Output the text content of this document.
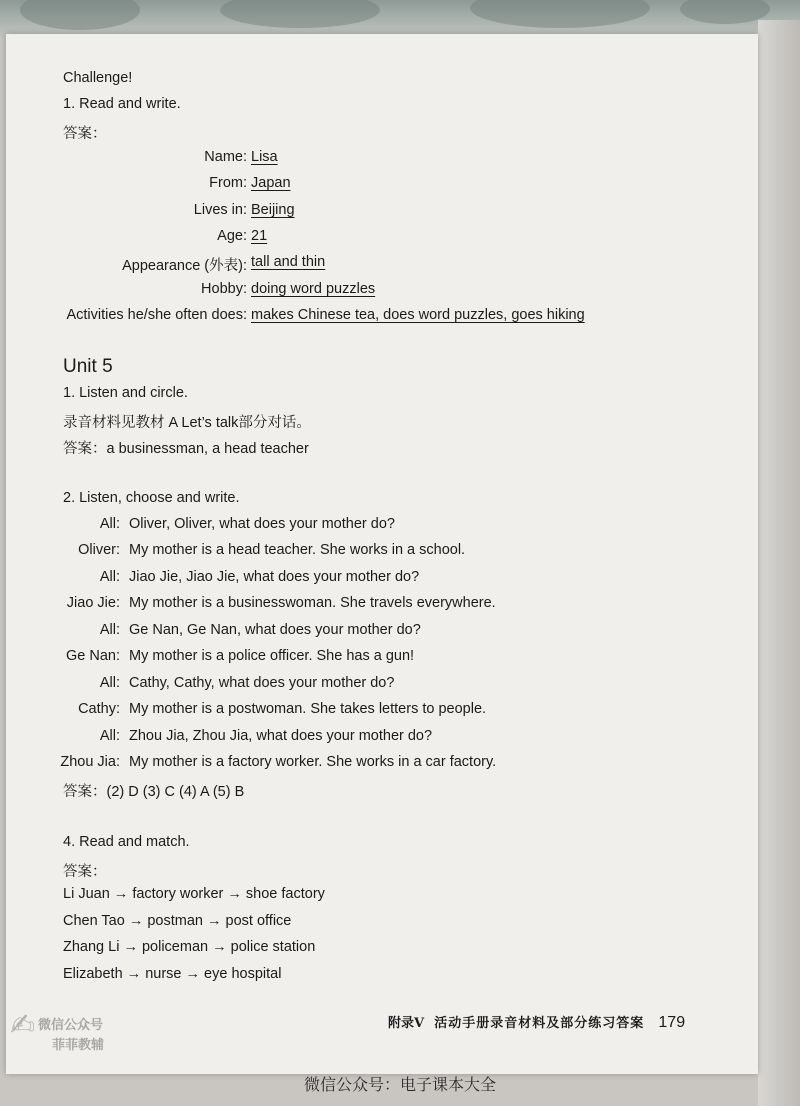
Challenge!
1. Read and write.
答案：
Name: Lisa
From: Japan
Lives in: Beijing
Age: 21
Appearance (外表): tall and thin
Hobby: doing word puzzles
Activities he/she often does: makes Chinese tea, does word puzzles, goes hiking
Unit 5
1. Listen and circle.
录音材料见教材 A Let’s talk部分对话。
答案：a businessman, a head teacher
2. Listen, choose and write.
All: Oliver, Oliver, what does your mother do?
Oliver: My mother is a head teacher. She works in a school.
All: Jiao Jie, Jiao Jie, what does your mother do?
Jiao Jie: My mother is a businesswoman. She travels everywhere.
All: Ge Nan, Ge Nan, what does your mother do?
Ge Nan: My mother is a police officer. She has a gun!
All: Cathy, Cathy, what does your mother do?
Cathy: My mother is a postwoman. She takes letters to people.
All: Zhou Jia, Zhou Jia, what does your mother do?
Zhou Jia: My mother is a factory worker. She works in a car factory.
答案：(2) D (3) C (4) A (5) B
4. Read and match.
答案：
Li Juan → factory worker → shoe factory
Chen Tao → postman → post office
Zhang Li → policeman → police station
Elizabeth → nurse → eye hospital
附录V 活动手册录音材料及部分练习答案 179
✍ 微信公众号
菲菲教辅
微信公众号：电子课本大全
